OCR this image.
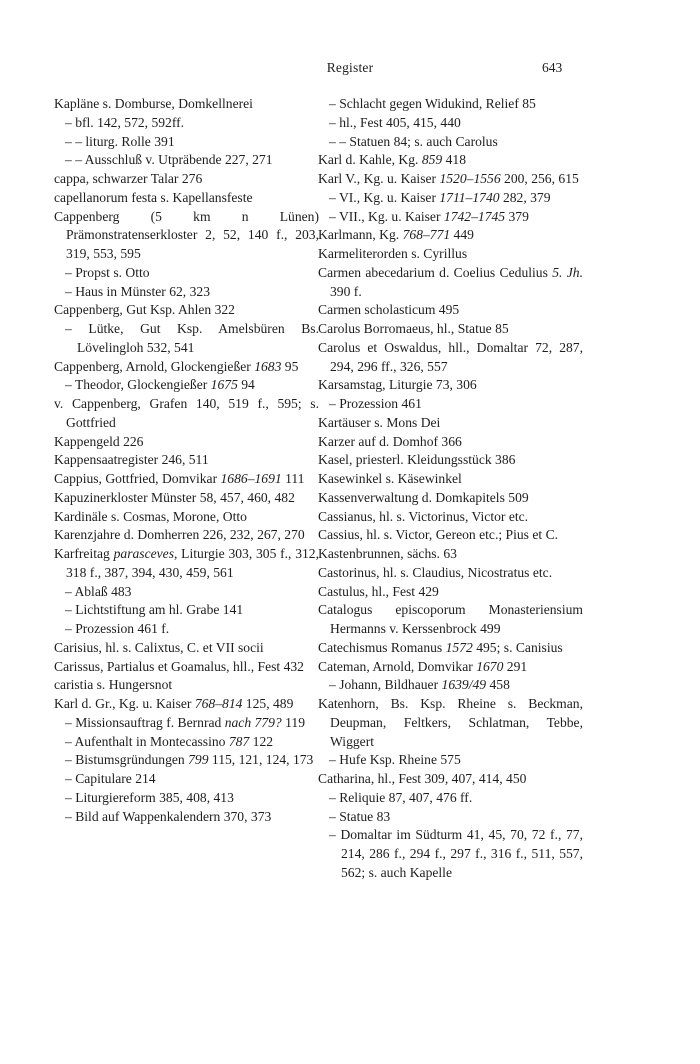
Register	643
Kapläne s. Domburse, Domkellnerei
– bfl. 142, 572, 592ff.
– – liturg. Rolle 391
– – Ausschluß v. Utpräbende 227, 271
cappa, schwarzer Talar 276
capellanorum festa s. Kapellansfeste
Cappenberg (5 km n Lünen) Prämonstratenserkloster 2, 52, 140 f., 203, 319, 553, 595
– Propst s. Otto
– Haus in Münster 62, 323
Cappenberg, Gut Ksp. Ahlen 322
– Lütke, Gut Ksp. Amelsbüren Bs. Lövelingloh 532, 541
Cappenberg, Arnold, Glockengießer 1683 95
– Theodor, Glockengießer 1675 94
v. Cappenberg, Grafen 140, 519 f., 595; s. Gottfried
Kappengeld 226
Kappensaatregister 246, 511
Cappius, Gottfried, Domvikar 1686–1691 111
Kapuzinerkloster Münster 58, 457, 460, 482
Kardinäle s. Cosmas, Morone, Otto
Karenzjahre d. Domherren 226, 232, 267, 270
Karfreitag parasceves, Liturgie 303, 305 f., 312, 318 f., 387, 394, 430, 459, 561
– Ablaß 483
– Lichtstiftung am hl. Grabe 141
– Prozession 461 f.
Carisius, hl. s. Calixtus, C. et VII socii
Carissus, Partialus et Goamalus, hll., Fest 432
caristia s. Hungersnot
Karl d. Gr., Kg. u. Kaiser 768–814 125, 489
– Missionsauftrag f. Bernrad nach 779? 119
– Aufenthalt in Montecassino 787 122
– Bistumsgründungen 799 115, 121, 124, 173
– Capitulare 214
– Liturgiereform 385, 408, 413
– Bild auf Wappenkalendern 370, 373
– Schlacht gegen Widukind, Relief 85
– hl., Fest 405, 415, 440
– – Statuen 84; s. auch Carolus
Karl d. Kahle, Kg. 859 418
Karl V., Kg. u. Kaiser 1520–1556 200, 256, 615
– VI., Kg. u. Kaiser 1711–1740 282, 379
– VII., Kg. u. Kaiser 1742–1745 379
Karlmann, Kg. 768–771 449
Karmeliterorden s. Cyrillus
Carmen abecedarium d. Coelius Cedulius 5. Jh. 390 f.
Carmen scholasticum 495
Carolus Borromaeus, hl., Statue 85
Carolus et Oswaldus, hll., Domaltar 72, 287, 294, 296 ff., 326, 557
Karsamstag, Liturgie 73, 306
– Prozession 461
Kartäuser s. Mons Dei
Karzer auf d. Domhof 366
Kasel, priesterl. Kleidungsstück 386
Kasewinkel s. Käsewinkel
Kassenverwaltung d. Domkapitels 509
Cassianus, hl. s. Victorinus, Victor etc.
Cassius, hl. s. Victor, Gereon etc.; Pius et C.
Kastenbrunnen, sächs. 63
Castorinus, hl. s. Claudius, Nicostratus etc.
Castulus, hl., Fest 429
Catalogus episcoporum Monasteriensium Hermanns v. Kerssenbrock 499
Catechismus Romanus 1572 495; s. Canisius
Cateman, Arnold, Domvikar 1670 291
– Johann, Bildhauer 1639/49 458
Katenhorn, Bs. Ksp. Rheine s. Beckman, Deupman, Feltkers, Schlatman, Tebbe, Wiggert
– Hufe Ksp. Rheine 575
Catharina, hl., Fest 309, 407, 414, 450
– Reliquie 87, 407, 476 ff.
– Statue 83
– Domaltar im Südturm 41, 45, 70, 72 f., 77, 214, 286 f., 294 f., 297 f., 316 f., 511, 557, 562; s. auch Kapelle
